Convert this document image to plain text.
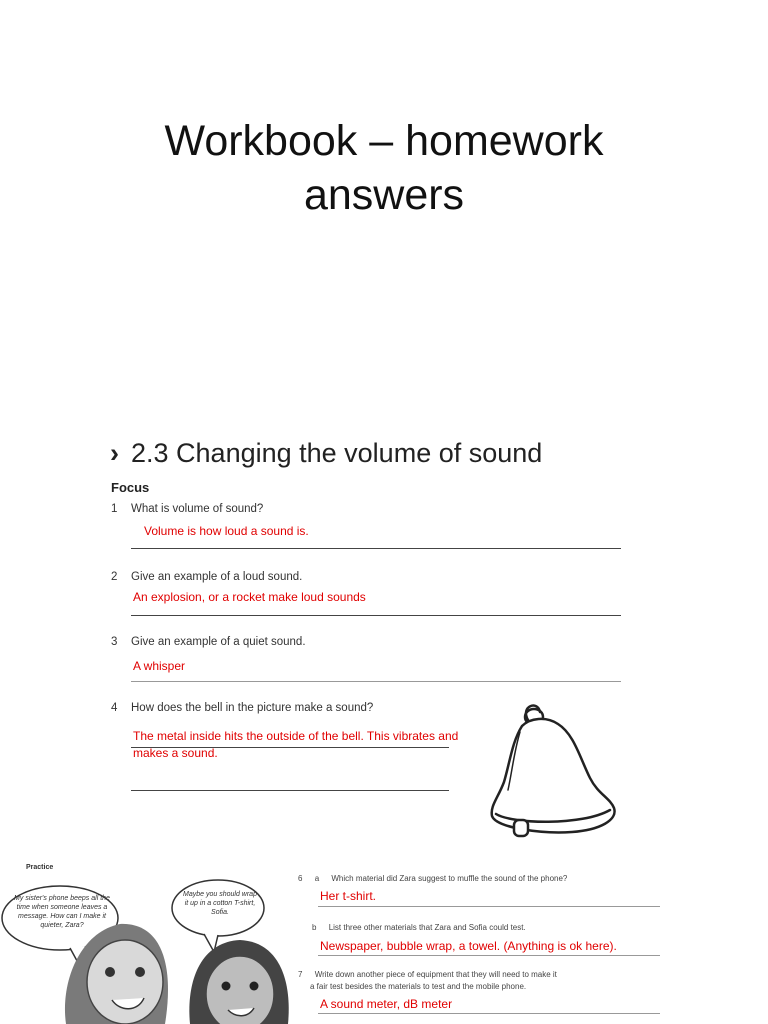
Workbook – homework
answers
› 2.3 Changing the volume of sound
Focus
1 What is volume of sound?
Volume is how loud a sound is.
2 Give an example of a loud sound.
An explosion, or a rocket make loud sounds
3 Give an example of a quiet sound.
A whisper
4 How does the bell in the picture make a sound?
The metal inside hits the outside of the bell. This vibrates and
makes a sound.
Practice
My sister's phone beeps all the time when someone leaves a message. How can I make it quieter, Zara?
Maybe you should wrap it up in a cotton T-shirt, Sofia.
6 a Which material did Zara suggest to muffle the sound of the phone?
Her t-shirt.
b List three other materials that Zara and Sofia could test.
Newspaper, bubble wrap, a towel. (Anything is ok here).
7 Write down another piece of equipment that they will need to make it
a fair test besides the materials to test and the mobile phone.
A sound meter, dB meter
